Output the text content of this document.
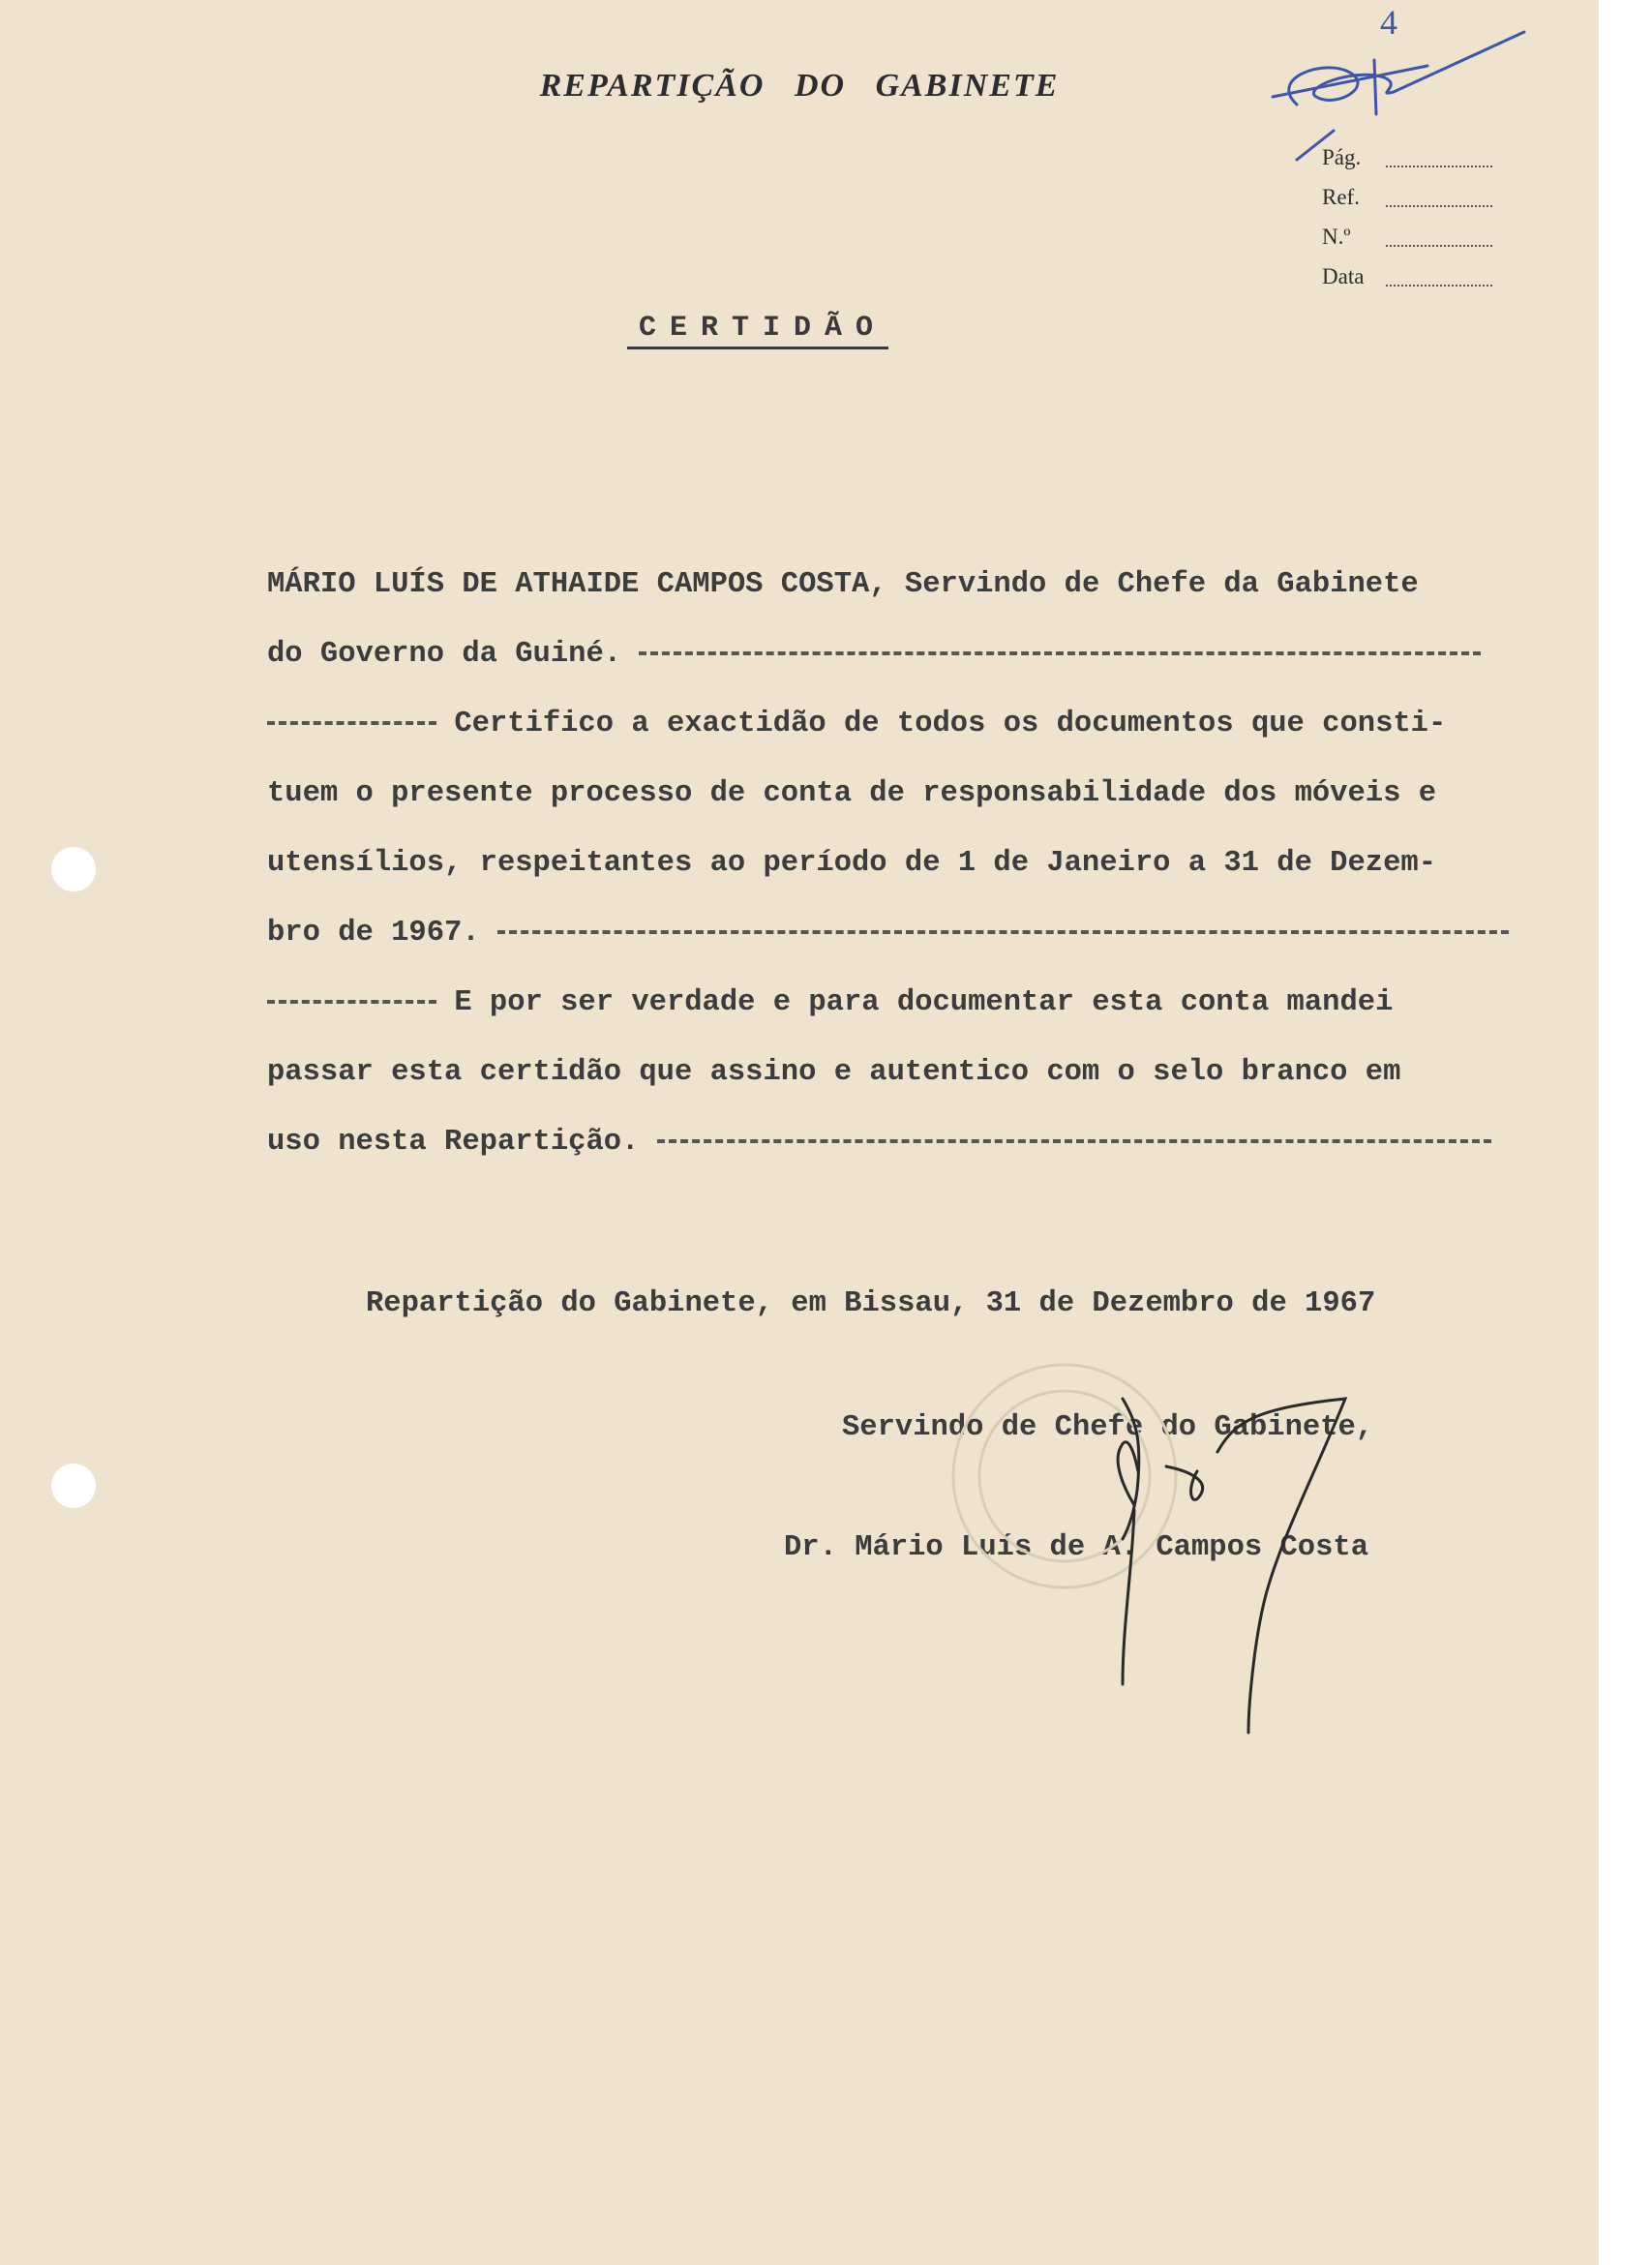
REPARTIÇÃO DO GABINETE
Pág.
Ref.
N.º
Data
CERTIDÃO

MÁRIO LUÍS DE ATHAIDE CAMPOS COSTA, Servindo de Chefe da Gabinete

do Governo da Guiné.

Certifico a exactidão de todos os documentos que consti-

tuem o presente processo de conta de responsabilidade dos móveis e

utensílios, respeitantes ao período de 1 de Janeiro a 31 de Dezem-

bro de 1967.

E por ser verdade e para documentar esta conta mandei

passar esta certidão que assino e autentico com o selo branco em

uso nesta Repartição.

Repartição do Gabinete, em Bissau, 31 de Dezembro de 1967
Servindo de Chefe do Gabinete,
Dr. Mário Luís de A. Campos Costa
4
